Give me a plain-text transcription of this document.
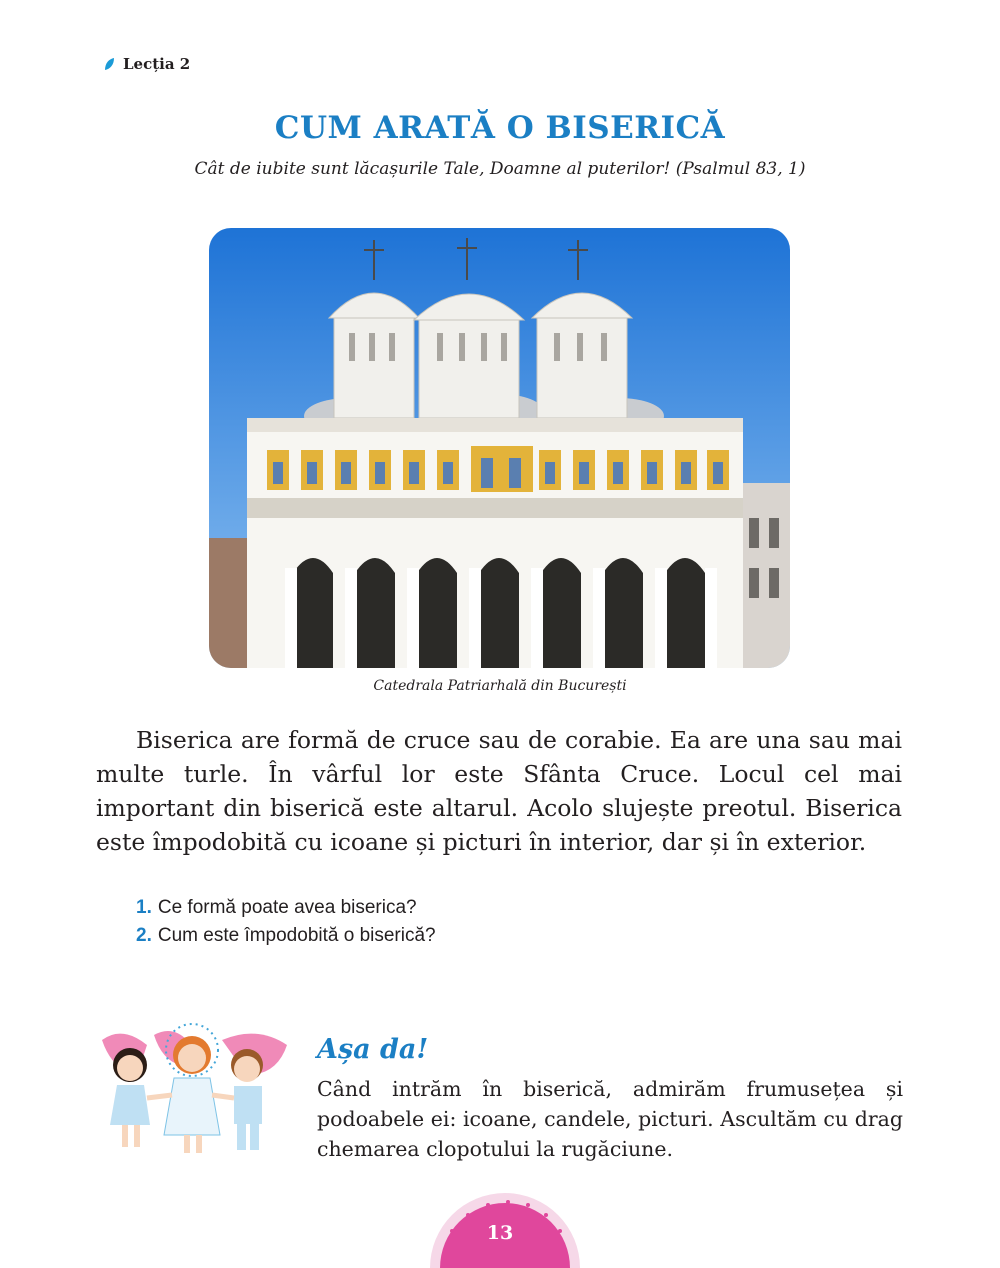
Lecția 2
CUM ARATĂ O BISERICĂ
Cât de iubite sunt lăcașurile Tale, Doamne al puterilor! (Psalmul 83, 1)
Catedrala Patriarhală din București

Biserica are formă de cruce sau de corabie. Ea are una sau mai multe turle. În vârful lor este Sfânta Cruce. Locul cel mai important din biserică este altarul. Acolo slujește preotul. Biserica este împodobită cu icoane și picturi în interior, dar și în exterior.

1. Ce formă poate avea biserica?
2. Cum este împodobită o biserică?
Așa da!

Când intrăm în biserică, admirăm frumusețea și podoabele ei: icoane, candele, picturi. Ascultăm cu drag chemarea clopotului la rugăciune.

13
